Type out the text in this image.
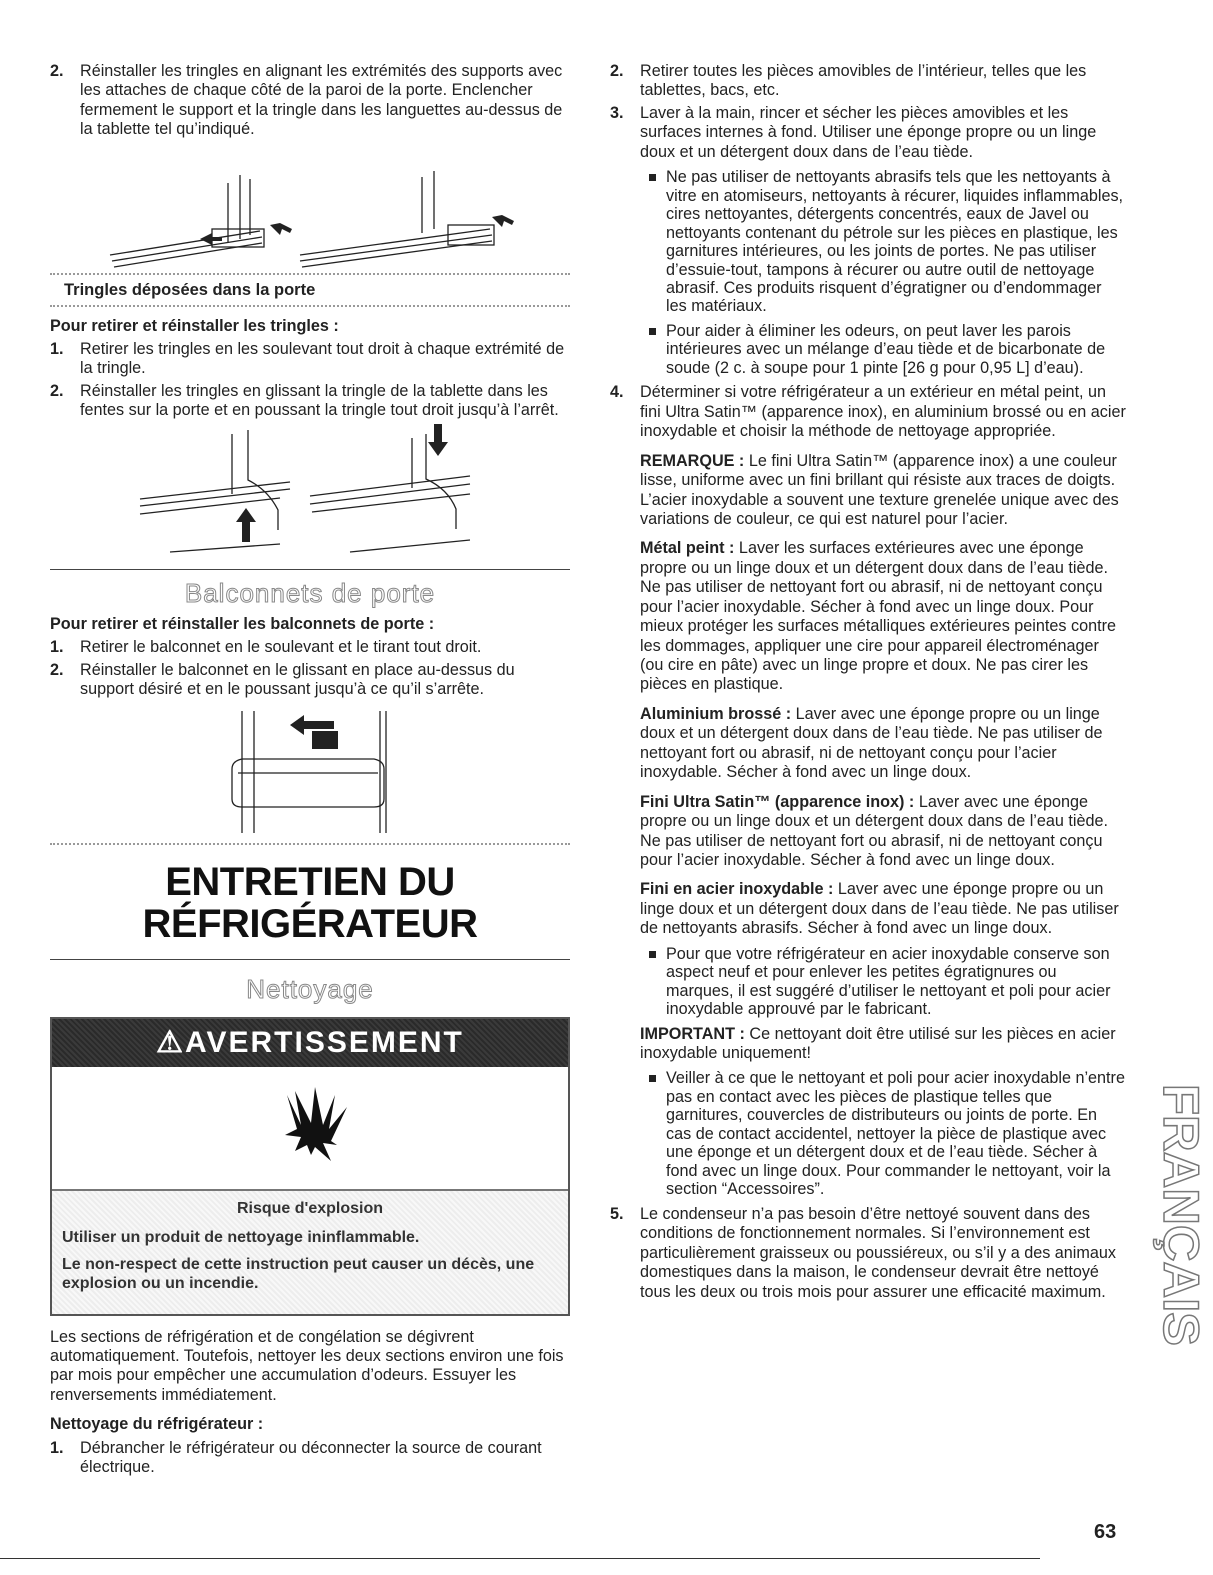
2. Réinstaller les tringles en alignant les extrémités des supports avec les attaches de chaque côté de la paroi de la porte. Enclencher fermement le support et la tringle dans les languettes au-dessus de la tablette tel qu’indiqué.
Tringles déposées dans la porte
Pour retirer et réinstaller les tringles :
1. Retirer les tringles en les soulevant tout droit à chaque extrémité de la tringle.
2. Réinstaller les tringles en glissant la tringle de la tablette dans les fentes sur la porte et en poussant la tringle tout droit jusqu’à l’arrêt.
Balconnets de porte
Pour retirer et réinstaller les balconnets de porte :
1. Retirer le balconnet en le soulevant et le tirant tout droit.
2. Réinstaller le balconnet en le glissant en place au-dessus du support désiré et en le poussant jusqu’à ce qu’il s’arrête.
ENTRETIEN DU
RÉFRIGÉRATEUR
Nettoyage
⚠AVERTISSEMENT
Risque d'explosion

Utiliser un produit de nettoyage ininflammable.

Le non-respect de cette instruction peut causer un décès, une explosion ou un incendie.

Les sections de réfrigération et de congélation se dégivrent automatiquement. Toutefois, nettoyer les deux sections environ une fois par mois pour empêcher une accumulation d’odeurs. Essuyer les renversements immédiatement.

Nettoyage du réfrigérateur :
1. Débrancher le réfrigérateur ou déconnecter la source de courant électrique.
2. Retirer toutes les pièces amovibles de l’intérieur, telles que les tablettes, bacs, etc.
3. Laver à la main, rincer et sécher les pièces amovibles et les surfaces internes à fond. Utiliser une éponge propre ou un linge doux et un détergent doux dans de l’eau tiède.
Ne pas utiliser de nettoyants abrasifs tels que les nettoyants à vitre en atomiseurs, nettoyants à récurer, liquides inflammables, cires nettoyantes, détergents concentrés, eaux de Javel ou nettoyants contenant du pétrole sur les pièces en plastique, les garnitures intérieures, ou les joints de portes. Ne pas utiliser d’essuie-tout, tampons à récurer ou autre outil de nettoyage abrasif. Ces produits risquent d’égratigner ou d’endommager les matériaux.
Pour aider à éliminer les odeurs, on peut laver les parois intérieures avec un mélange d’eau tiède et de bicarbonate de soude (2 c. à soupe pour 1 pinte [26 g pour 0,95 L] d’eau).
4. Déterminer si votre réfrigérateur a un extérieur en métal peint, un fini Ultra Satin™ (apparence inox), en aluminium brossé ou en acier inoxydable et choisir la méthode de nettoyage appropriée.

REMARQUE : Le fini Ultra Satin™ (apparence inox) a une couleur lisse, uniforme avec un fini brillant qui résiste aux traces de doigts. L’acier inoxydable a souvent une texture grenelée unique avec des variations de couleur, ce qui est naturel pour l’acier.

Métal peint : Laver les surfaces extérieures avec une éponge propre ou un linge doux et un détergent doux dans de l’eau tiède. Ne pas utiliser de nettoyant fort ou abrasif, ni de nettoyant conçu pour l’acier inoxydable. Sécher à fond avec un linge doux. Pour mieux protéger les surfaces métalliques extérieures peintes contre les dommages, appliquer une cire pour appareil électroménager (ou cire en pâte) avec un linge propre et doux. Ne pas cirer les pièces en plastique.

Aluminium brossé : Laver avec une éponge propre ou un linge doux et un détergent doux dans de l’eau tiède. Ne pas utiliser de nettoyant fort ou abrasif, ni de nettoyant conçu pour l’acier inoxydable. Sécher à fond avec un linge doux.

Fini Ultra Satin™ (apparence inox) : Laver avec une éponge propre ou un linge doux et un détergent doux dans de l’eau tiède. Ne pas utiliser de nettoyant fort ou abrasif, ni de nettoyant conçu pour l’acier inoxydable. Sécher à fond avec un linge doux.

Fini en acier inoxydable : Laver avec une éponge propre ou un linge doux et un détergent doux dans de l’eau tiède. Ne pas utiliser de nettoyants abrasifs. Sécher à fond avec un linge doux.

Pour que votre réfrigérateur en acier inoxydable conserve son aspect neuf et pour enlever les petites égratignures ou marques, il est suggéré d’utiliser le nettoyant et poli pour acier inoxydable approuvé par le fabricant.

IMPORTANT : Ce nettoyant doit être utilisé sur les pièces en acier inoxydable uniquement!

Veiller à ce que le nettoyant et poli pour acier inoxydable n’entre pas en contact avec les pièces de plastique telles que garnitures, couvercles de distributeurs ou joints de porte. En cas de contact accidentel, nettoyer la pièce de plastique avec une éponge et un détergent doux et de l’eau tiède. Sécher à fond avec un linge doux. Pour commander le nettoyant, voir la section “Accessoires”.
5. Le condenseur n’a pas besoin d’être nettoyé souvent dans des conditions de fonctionnement normales. Si l’environnement est particulièrement graisseux ou poussiéreux, ou s’il y a des animaux domestiques dans la maison, le condenseur devrait être nettoyé tous les deux ou trois mois pour assurer une efficacité maximum. FRANÇAIS
63
